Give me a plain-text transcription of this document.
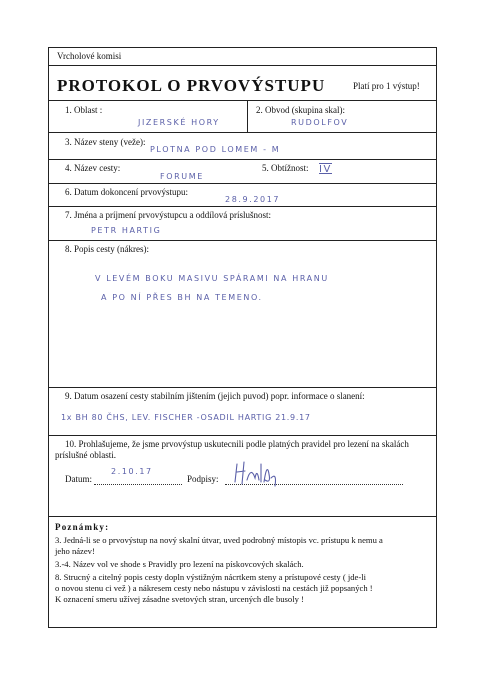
Vrcholové komisi
PROTOKOL O PRVOVÝSTUPU	Platí pro 1 výstup!
1. Oblast :
JIZERSKÉ HORY
2. Obvod (skupina skal):
RUDOLFOV
3. Název steny (veže):
PLOTNA POD LOMEM - M
4. Název cesty:
FORUME
5. Obtížnost: IV
6. Datum dokoncení prvovýstupu:
28.9.2017
7. Jména a príjmení prvovýstupcu a oddílová príslušnost:
PETR HARTIG
8. Popis cesty (nákres):
V LEVÉM BOKU MASIVU SPÁRAMI NA HRANU
A PO NÍ PŘES BH NA TEMENO.
9. Datum osazení cesty stabilním jištením (jejich puvod) popr. informace o slanení:
1x BH 80 ČHS, LEV. FISCHER -OSADIL HARTIG 21.9.17
10. Prohlašujeme, že jsme prvovýstup uskutecnili podle platných pravidel pro lezení na skalách
príslušné oblasti.
Datum:
2.10.17
Podpisy:
Poznámky:
3. Jedná-li se o prvovýstup na nový skalní útvar, uved podrobný místopis vc. prístupu k nemu a
jeho název!
3.-4. Název vol ve shode s Pravidly pro lezení na pískovcových skalách.
8. Strucný a citelný popis cesty dopln výstižným nácrtkem steny a prístupové cesty ( jde-li
o novou stenu ci vež ) a nákresem cesty nebo nástupu v závislosti na cestách již popsaných !
K oznacení smeru užívej zásadne svetových stran, urcených dle busoly !
